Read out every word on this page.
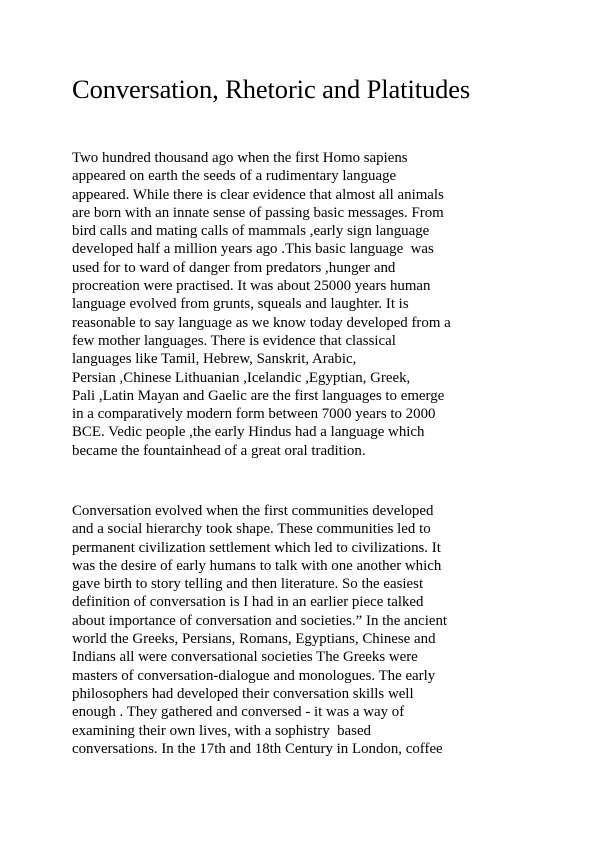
Conversation, Rhetoric and Platitudes

Two hundred thousand ago when the first Homo sapiens
appeared on earth the seeds of a rudimentary language
appeared. While there is clear evidence that almost all animals
are born with an innate sense of passing basic messages. From
bird calls and mating calls of mammals ,early sign language
developed half a million years ago .This basic language  was
used for to ward of danger from predators ,hunger and
procreation were practised. It was about 25000 years human
language evolved from grunts, squeals and laughter. It is
reasonable to say language as we know today developed from a
few mother languages. There is evidence that classical
languages like Tamil, Hebrew, Sanskrit, Arabic,
Persian ,Chinese Lithuanian ,Icelandic ,Egyptian, Greek,
Pali ,Latin Mayan and Gaelic are the first languages to emerge
in a comparatively modern form between 7000 years to 2000
BCE. Vedic people ,the early Hindus had a language which
became the fountainhead of a great oral tradition.

Conversation evolved when the first communities developed
and a social hierarchy took shape. These communities led to
permanent civilization settlement which led to civilizations. It
was the desire of early humans to talk with one another which
gave birth to story telling and then literature. So the easiest
definition of conversation is I had in an earlier piece talked
about importance of conversation and societies.” In the ancient
world the Greeks, Persians, Romans, Egyptians, Chinese and
Indians all were conversational societies The Greeks were
masters of conversation-dialogue and monologues. The early
philosophers had developed their conversation skills well
enough . They gathered and conversed - it was a way of
examining their own lives, with a sophistry  based
conversations. In the 17th and 18th Century in London, coffee
